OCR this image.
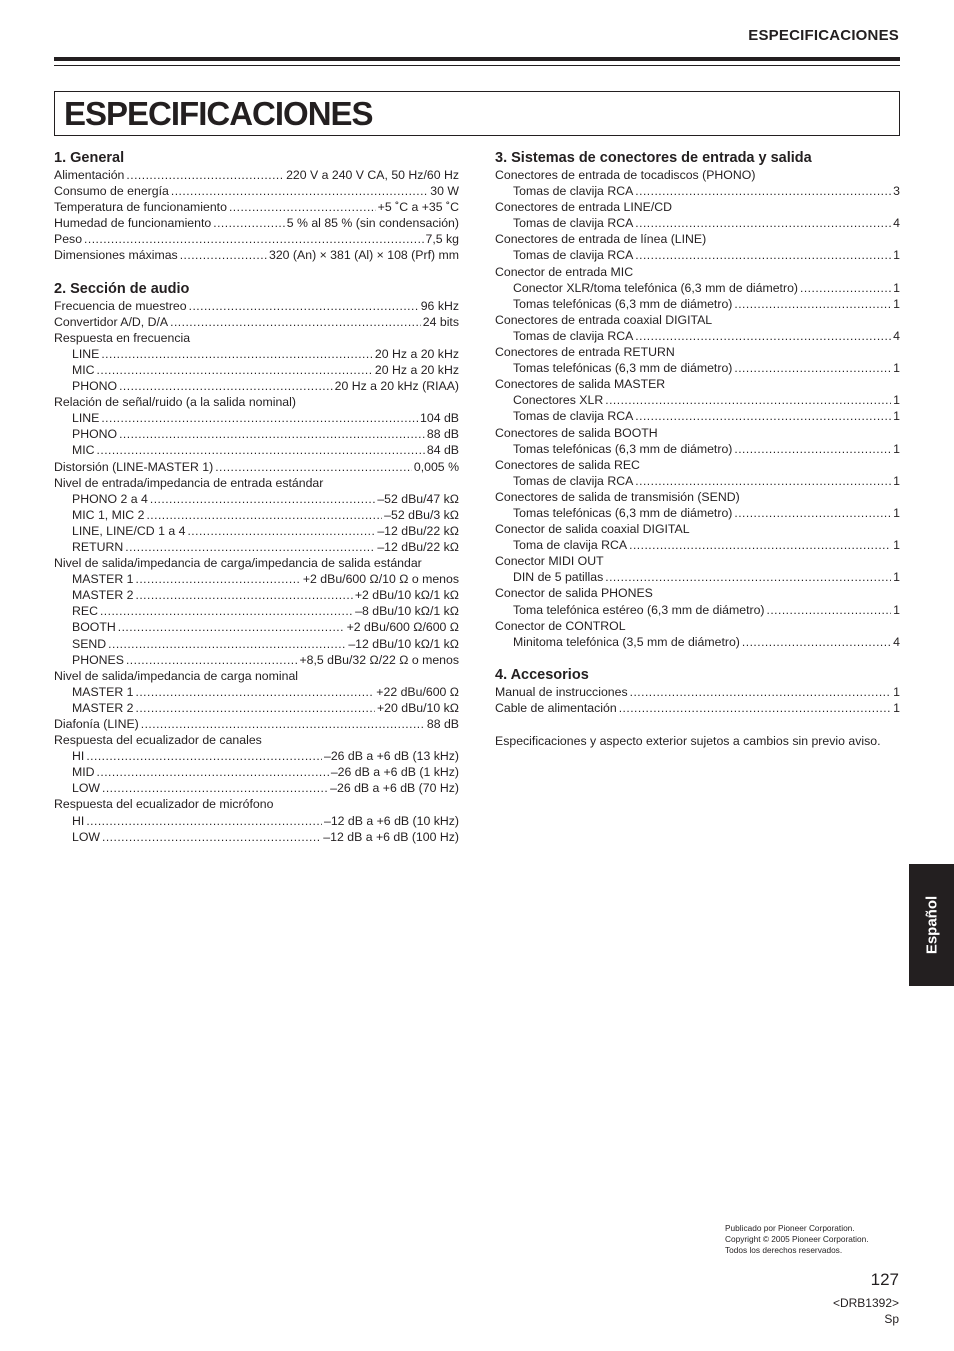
ESPECIFICACIONES
ESPECIFICACIONES
1. General
Alimentación .....	220 V a 240 V CA, 50 Hz/60 Hz
Consumo de energía .....	30 W
Temperatura de funcionamiento .....	+5 ˚C a +35 ˚C
Humedad de funcionamiento .....	5 % al 85 % (sin condensación)
Peso .....	7,5 kg
Dimensiones máximas .....	320 (An) × 381 (Al) × 108 (Prf) mm
2. Sección de audio
Frecuencia de muestreo .....	96 kHz
Convertidor A/D, D/A .....	24 bits
Respuesta en frecuencia
LINE .....	20 Hz a 20 kHz
MIC .....	20 Hz a 20 kHz
PHONO .....	20 Hz a 20 kHz (RIAA)
Relación de señal/ruido (a la salida nominal)
LINE .....	104 dB
PHONO .....	88 dB
MIC .....	84 dB
Distorsión (LINE-MASTER 1) .....	0,005 %
Nivel de entrada/impedancia de entrada estándar
PHONO 2 a 4 .....	–52 dBu/47 kΩ
MIC 1, MIC 2 .....	–52 dBu/3 kΩ
LINE, LINE/CD 1 a 4 .....	–12 dBu/22 kΩ
RETURN .....	–12 dBu/22 kΩ
Nivel de salida/impedancia de carga/impedancia de salida estándar
MASTER 1 .....	+2 dBu/600 Ω/10 Ω o menos
MASTER 2 .....	+2 dBu/10 kΩ/1 kΩ
REC .....	–8 dBu/10 kΩ/1 kΩ
BOOTH .....	+2 dBu/600 Ω/600 Ω
SEND .....	–12 dBu/10 kΩ/1 kΩ
PHONES .....	+8,5 dBu/32 Ω/22 Ω o menos
Nivel de salida/impedancia de carga nominal
MASTER 1 .....	+22 dBu/600 Ω
MASTER 2 .....	+20 dBu/10 kΩ
Diafonía (LINE) .....	88 dB
Respuesta del ecualizador de canales
HI .....	–26 dB a +6 dB (13 kHz)
MID .....	–26 dB a +6 dB (1 kHz)
LOW .....	–26 dB a +6 dB (70 Hz)
Respuesta del ecualizador de micrófono
HI .....	–12 dB a +6 dB (10 kHz)
LOW .....	–12 dB a +6 dB (100 Hz)
3. Sistemas de conectores de entrada y salida
Conectores de entrada de tocadiscos (PHONO)
Tomas de clavija RCA .....	3
Conectores de entrada LINE/CD
Tomas de clavija RCA .....	4
Conectores de entrada de línea (LINE)
Tomas de clavija RCA .....	1
Conector de entrada MIC
Conector XLR/toma telefónica (6,3 mm de diámetro) .....	1
Tomas telefónicas (6,3 mm de diámetro) .....	1
Conectores de entrada coaxial DIGITAL
Tomas de clavija RCA .....	4
Conectores de entrada RETURN
Tomas telefónicas (6,3 mm de diámetro) .....	1
Conectores de salida MASTER
Conectores XLR .....	1
Tomas de clavija RCA .....	1
Conectores de salida BOOTH
Tomas telefónicas (6,3 mm de diámetro) .....	1
Conectores de salida REC
Tomas de clavija RCA .....	1
Conectores de salida de transmisión (SEND)
Tomas telefónicas (6,3 mm de diámetro) .....	1
Conector de salida coaxial DIGITAL
Toma de clavija RCA .....	1
Conector MIDI OUT
DIN de 5 patillas .....	1
Conector de salida PHONES
Toma telefónica estéreo (6,3 mm de diámetro) .....	1
Conector de CONTROL
Minitoma telefónica (3,5 mm de diámetro) .....	4
4. Accesorios
Manual de instrucciones .....	1
Cable de alimentación .....	1
Especificaciones y aspecto exterior sujetos a cambios sin previo aviso.
Español
Publicado por Pioneer Corporation.
Copyright © 2005 Pioneer Corporation.
Todos los derechos reservados.
127
<DRB1392>
Sp
